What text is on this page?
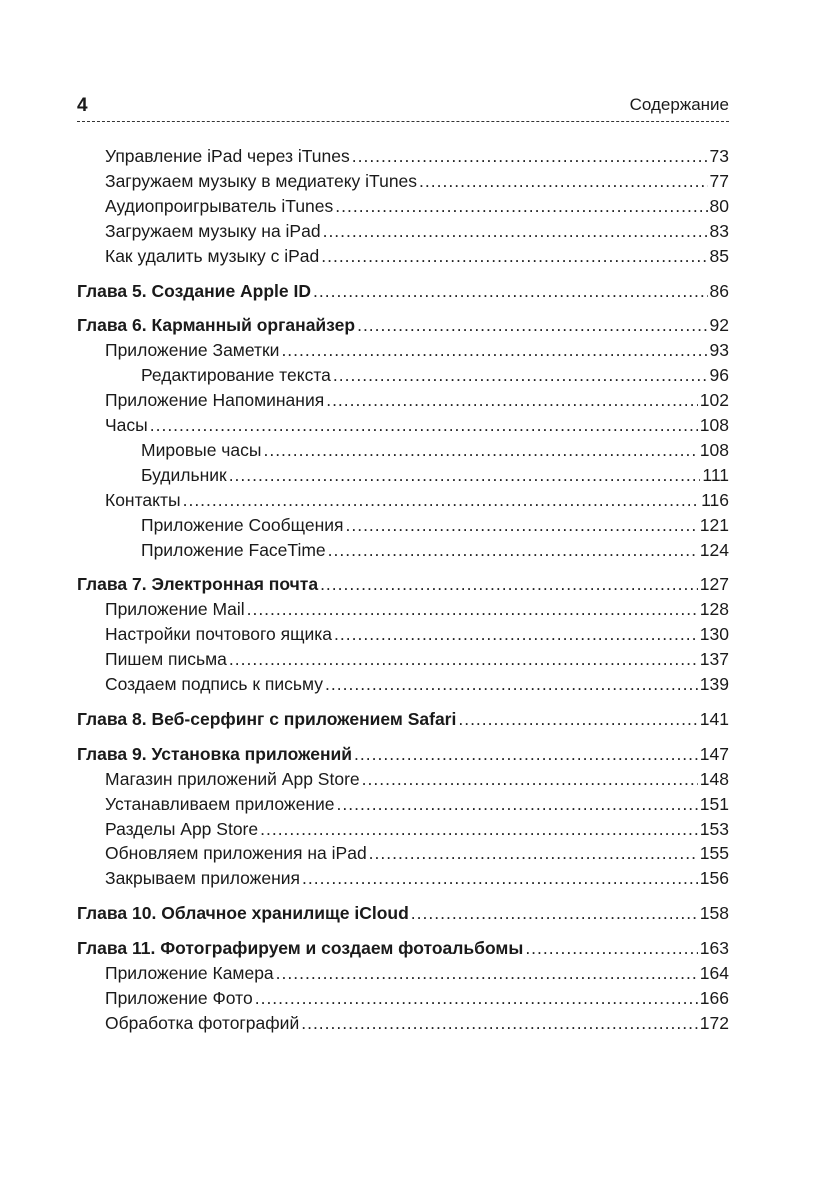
4	Содержание
Управление iPad через iTunes .....	73
Загружаем музыку в медиатеку iTunes .....	77
Аудиопроигрыватель iTunes .....	80
Загружаем музыку на iPad .....	83
Как удалить музыку с iPad .....	85
Глава 5. Создание Apple ID .....	86
Глава 6. Карманный органайзер .....	92
Приложение Заметки .....	93
Редактирование текста .....	96
Приложение Напоминания .....	102
Часы .....	108
Мировые часы .....	108
Будильник .....	111
Контакты .....	116
Приложение Сообщения .....	121
Приложение FaceTime .....	124
Глава 7. Электронная почта .....	127
Приложение Mail .....	128
Настройки почтового ящика .....	130
Пишем письма .....	137
Создаем подпись к письму .....	139
Глава 8. Веб-серфинг с приложением Safari .....	141
Глава 9. Установка приложений .....	147
Магазин приложений App Store .....	148
Устанавливаем приложение .....	151
Разделы App Store .....	153
Обновляем приложения на iPad .....	155
Закрываем приложения .....	156
Глава 10. Облачное хранилище iCloud .....	158
Глава 11. Фотографируем и создаем фотоальбомы .....	163
Приложение Камера .....	164
Приложение Фото .....	166
Обработка фотографий .....	172
